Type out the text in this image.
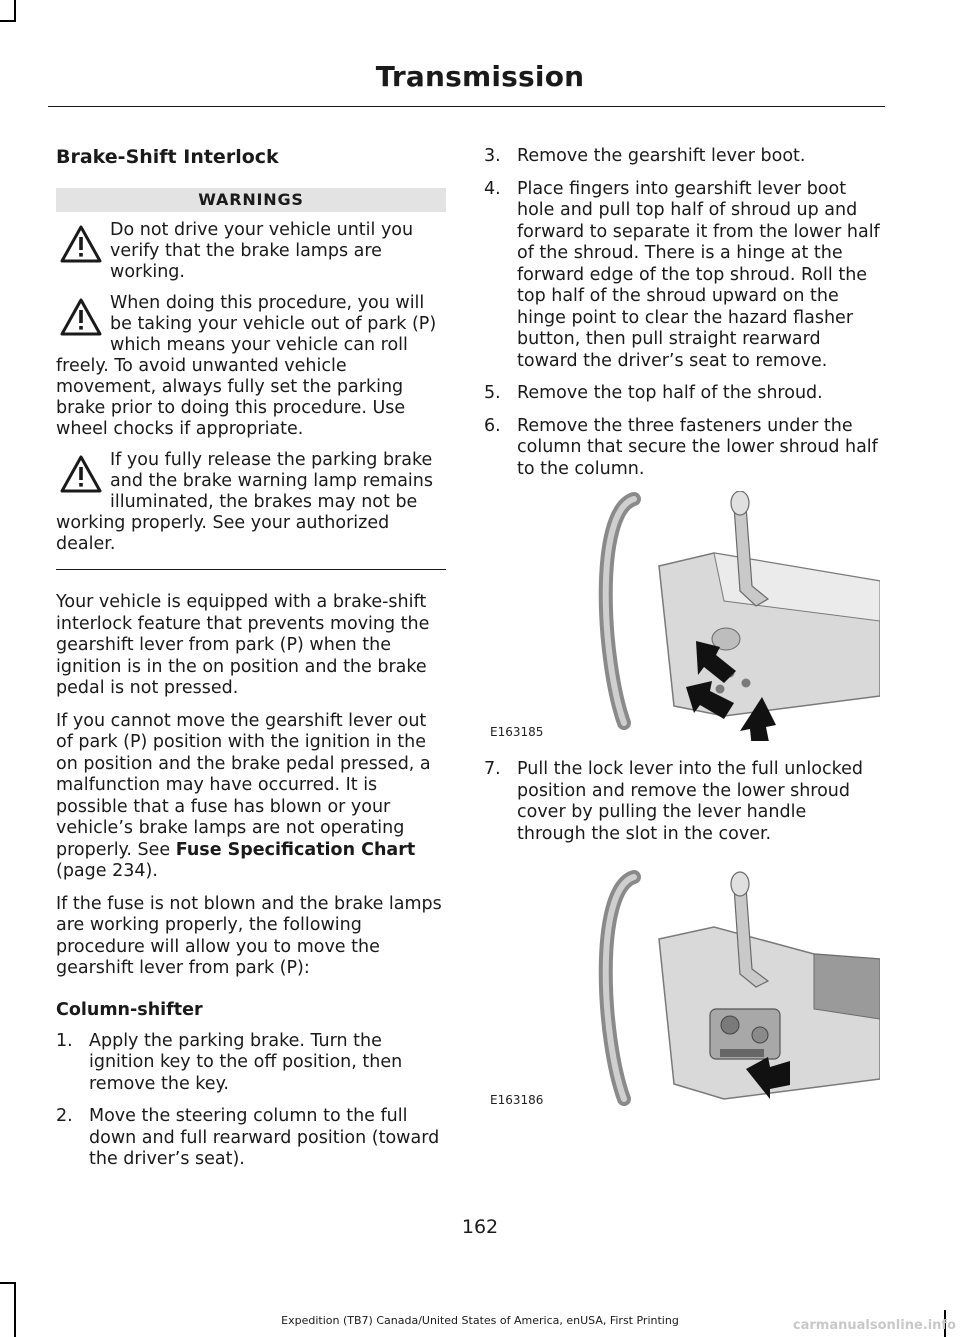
Transmission
Brake-Shift Interlock
WARNINGS
Do not drive your vehicle until you verify that the brake lamps are working.
When doing this procedure, you will be taking your vehicle out of park (P) which means your vehicle can roll freely. To avoid unwanted vehicle movement, always fully set the parking brake prior to doing this procedure. Use wheel chocks if appropriate.
If you fully release the parking brake and the brake warning lamp remains illuminated, the brakes may not be working properly. See your authorized dealer.

Your vehicle is equipped with a brake-shift interlock feature that prevents moving the gearshift lever from park (P) when the ignition is in the on position and the brake pedal is not pressed.

If you cannot move the gearshift lever out of park (P) position with the ignition in the on position and the brake pedal pressed, a malfunction may have occurred. It is possible that a fuse has blown or your vehicle’s brake lamps are not operating properly. See Fuse Specification Chart (page 234).

If the fuse is not blown and the brake lamps are working properly, the following procedure will allow you to move the gearshift lever from park (P):

Column-shifter
1. Apply the parking brake. Turn the ignition key to the off position, then remove the key.
2. Move the steering column to the full down and full rearward position (toward the driver’s seat).
3. Remove the gearshift lever boot.
4. Place fingers into gearshift lever boot hole and pull top half of shroud up and forward to separate it from the lower half of the shroud. There is a hinge at the forward edge of the top shroud. Roll the top half of the shroud upward on the hinge point to clear the hazard flasher button, then pull straight rearward toward the driver’s seat to remove.
5. Remove the top half of the shroud.
6. Remove the three fasteners under the column that secure the lower shroud half to the column.
E163185
7. Pull the lock lever into the full unlocked position and remove the lower shroud cover by pulling the lever handle through the slot in the cover.
E163186
162
Expedition (TB7) Canada/United States of America, enUSA, First Printing	carmanualsonline.info
